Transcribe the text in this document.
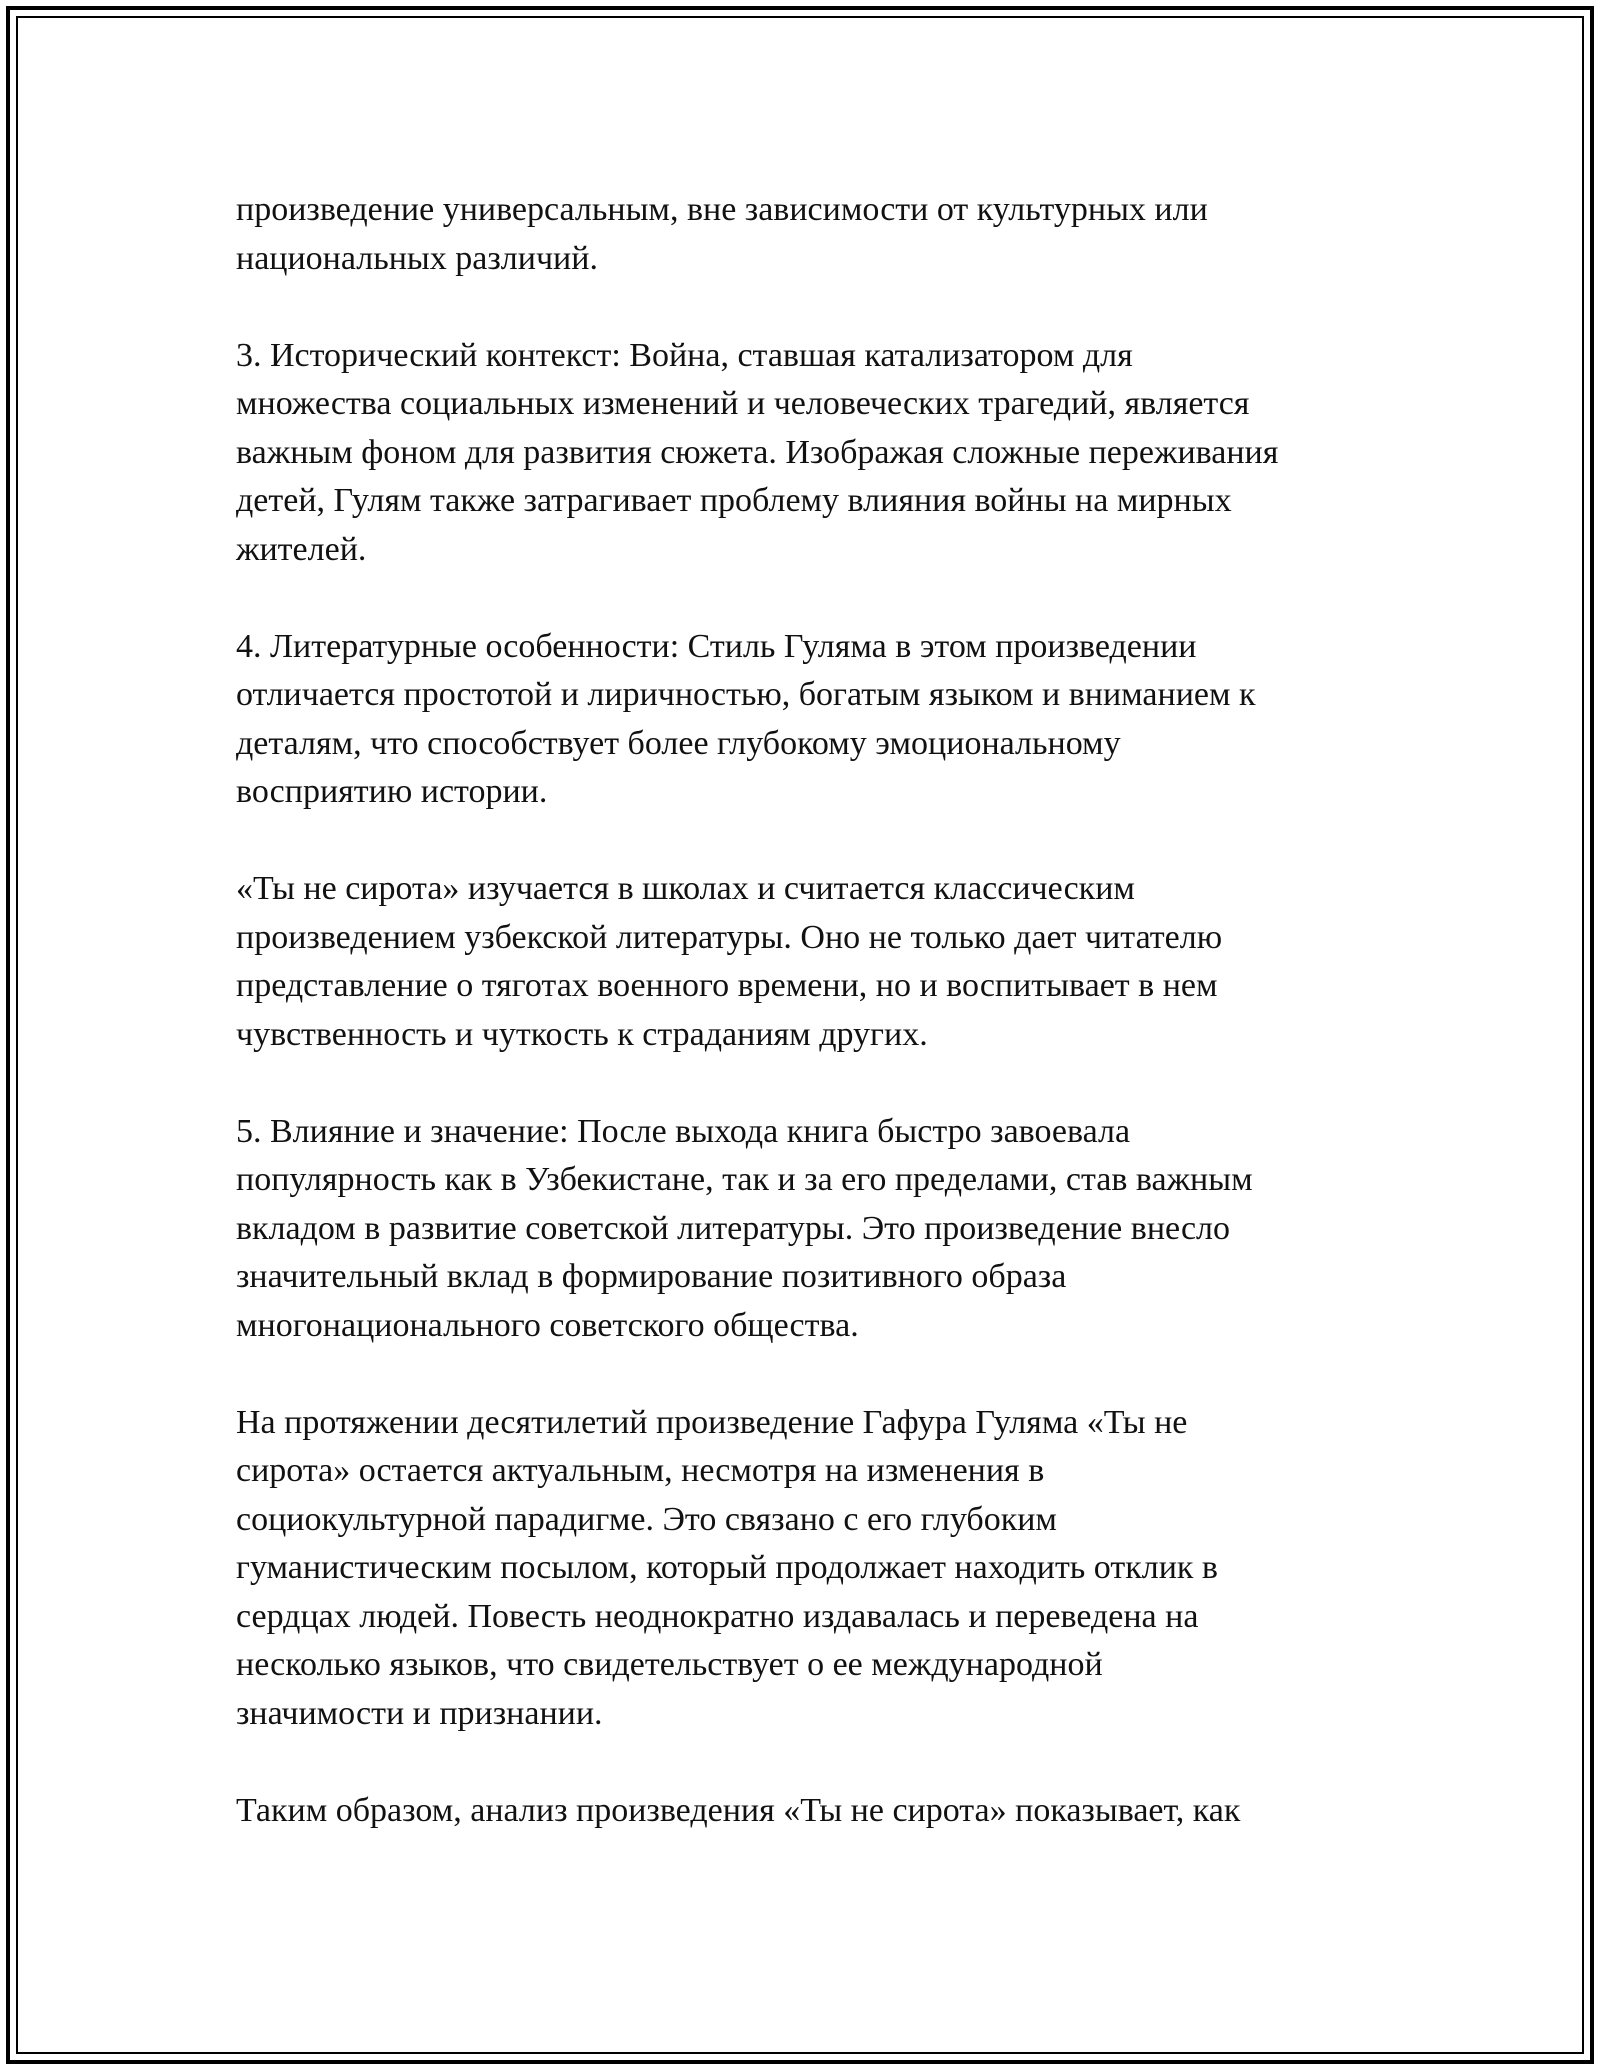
произведение универсальным, вне зависимости от культурных или
национальных различий.
3. Исторический контекст: Война, ставшая катализатором для
множества социальных изменений и человеческих трагедий, является
важным фоном для развития сюжета. Изображая сложные переживания
детей, Гулям также затрагивает проблему влияния войны на мирных
жителей.
4. Литературные особенности: Стиль Гуляма в этом произведении
отличается простотой и лиричностью, богатым языком и вниманием к
деталям, что способствует более глубокому эмоциональному
восприятию истории.
«Ты не сирота» изучается в школах и считается классическим
произведением узбекской литературы. Оно не только дает читателю
представление о тяготах военного времени, но и воспитывает в нем
чувственность и чуткость к страданиям других.
5. Влияние и значение: После выхода книга быстро завоевала
популярность как в Узбекистане, так и за его пределами, став важным
вкладом в развитие советской литературы. Это произведение внесло
значительный вклад в формирование позитивного образа
многонационального советского общества.
На протяжении десятилетий произведение Гафура Гуляма «Ты не
сирота» остается актуальным, несмотря на изменения в
социокультурной парадигме. Это связано с его глубоким
гуманистическим посылом, который продолжает находить отклик в
сердцах людей. Повесть неоднократно издавалась и переведена на
несколько языков, что свидетельствует о ее международной
значимости и признании.
Таким образом, анализ произведения «Ты не сирота» показывает, как
